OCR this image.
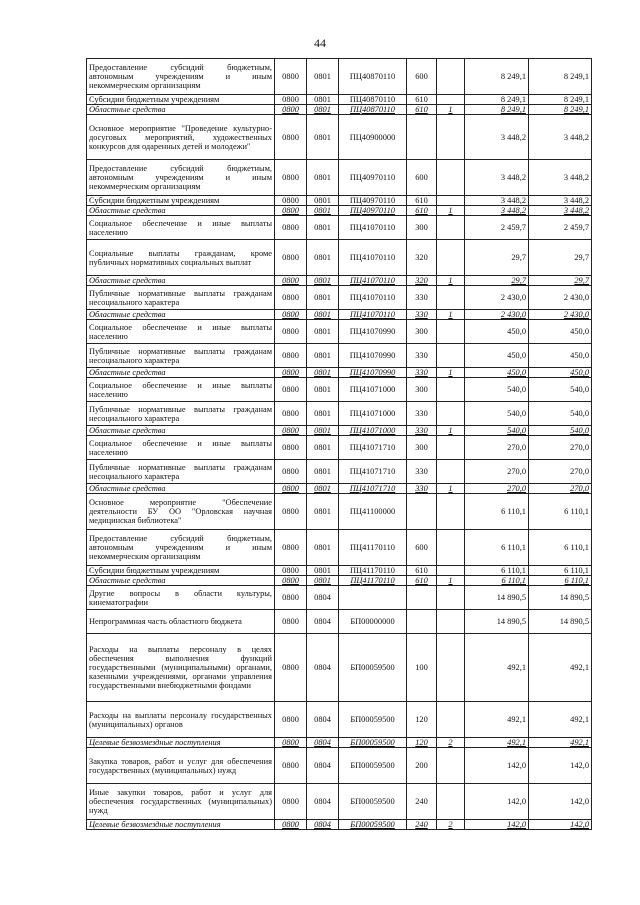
44
Предоставление субсидий бюджетным, автономным учреждениям и иным некоммерческим организациям	0800	0801	ПЦ40870110	600		8 249,1	8 249,1
Субсидии бюджетным учреждениям	0800	0801	ПЦ40870110	610		8 249,1	8 249,1
Областные средства	0800	0801	ПЦ40870110	610	1	8 249,1	8 249,1
Основное мероприятие "Проведение культурно-досуговых мероприятий, художественных конкурсов для одаренных детей и молодежи"	0800	0801	ПЦ40900000			3 448,2	3 448,2
Предоставление субсидий бюджетным, автономным учреждениям и иным некоммерческим организациям	0800	0801	ПЦ40970110	600		3 448,2	3 448,2
Субсидии бюджетным учреждениям	0800	0801	ПЦ40970110	610		3 448,2	3 448,2
Областные средства	0800	0801	ПЦ40970110	610	1	3 448,2	3 448,2
Социальное обеспечение и иные выплаты населению	0800	0801	ПЦ41070110	300		2 459,7	2 459,7
Социальные выплаты гражданам, кроме публичных нормативных социальных выплат	0800	0801	ПЦ41070110	320		29,7	29,7
Областные средства	0800	0801	ПЦ41070110	320	1	29,7	29,7
Публичные нормативные выплаты гражданам несоциального характера	0800	0801	ПЦ41070110	330		2 430,0	2 430,0
Областные средства	0800	0801	ПЦ41070110	330	1	2 430,0	2 430,0
Социальное обеспечение и иные выплаты населению	0800	0801	ПЦ41070990	300		450,0	450,0
Публичные нормативные выплаты гражданам несоциального характера	0800	0801	ПЦ41070990	330		450,0	450,0
Областные средства	0800	0801	ПЦ41070990	330	1	450,0	450,0
Социальное обеспечение и иные выплаты населению	0800	0801	ПЦ41071000	300		540,0	540,0
Публичные нормативные выплаты гражданам несоциального характера	0800	0801	ПЦ41071000	330		540,0	540,0
Областные средства	0800	0801	ПЦ41071000	330	1	540,0	540,0
Социальное обеспечение и иные выплаты населению	0800	0801	ПЦ41071710	300		270,0	270,0
Публичные нормативные выплаты гражданам несоциального характера	0800	0801	ПЦ41071710	330		270,0	270,0
Областные средства	0800	0801	ПЦ41071710	330	1	270,0	270,0
Основное мероприятие "Обеспечение деятельности БУ ОО "Орловская научная медицинская библиотека"	0800	0801	ПЦ41100000			6 110,1	6 110,1
Предоставление субсидий бюджетным, автономным учреждениям и иным некоммерческим организациям	0800	0801	ПЦ41170110	600		6 110,1	6 110,1
Субсидии бюджетным учреждениям	0800	0801	ПЦ41170110	610		6 110,1	6 110,1
Областные средства	0800	0801	ПЦ41170110	610	1	6 110,1	6 110,1
Другие вопросы в области культуры, кинематографии	0800	0804				14 890,5	14 890,5
Непрограммная часть областного бюджета	0800	0804	БП00000000			14 890,5	14 890,5
Расходы на выплаты персоналу в целях обеспечения выполнения функций государственными (муниципальными) органами, казенными учреждениями, органами управления государственными внебюджетными фондами	0800	0804	БП00059500	100		492,1	492,1
Расходы на выплаты персоналу государственных (муниципальных) органов	0800	0804	БП00059500	120		492,1	492,1
Целевые безвозмездные поступления	0800	0804	БП00059500	120	2	492,1	492,1
Закупка товаров, работ и услуг для обеспечения государственных (муниципальных) нужд	0800	0804	БП00059500	200		142,0	142,0
Иные закупки товаров, работ и услуг для обеспечения государственных (муниципальных) нужд	0800	0804	БП00059500	240		142,0	142,0
Целевые безвозмездные поступления	0800	0804	БП00059500	240	2	142,0	142,0
